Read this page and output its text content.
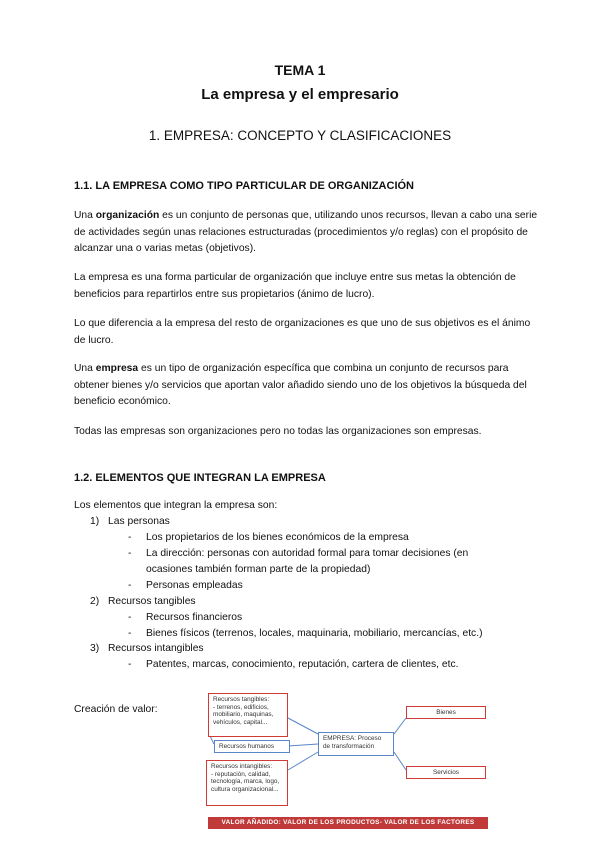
TEMA 1
La empresa y el empresario
1. EMPRESA: CONCEPTO Y CLASIFICACIONES
1.1. LA EMPRESA COMO TIPO PARTICULAR DE ORGANIZACIÓN

Una organización es un conjunto de personas que, utilizando unos recursos, llevan a cabo una serie de actividades según unas relaciones estructuradas (procedimientos y/o reglas) con el propósito de alcanzar una o varias metas (objetivos).

La empresa es una forma particular de organización que incluye entre sus metas la obtención de beneficios para repartirlos entre sus propietarios (ánimo de lucro).

Lo que diferencia a la empresa del resto de organizaciones es que uno de sus objetivos es el ánimo de lucro.

Una empresa es un tipo de organización específica que combina un conjunto de recursos para obtener bienes y/o servicios que aportan valor añadido siendo uno de los objetivos la búsqueda del beneficio económico.

Todas las empresas son organizaciones pero no todas las organizaciones son empresas.

1.2. ELEMENTOS QUE INTEGRAN LA EMPRESA
Los elementos que integran la empresa son:
1) Las personas
- Los propietarios de los bienes económicos de la empresa
- La dirección: personas con autoridad formal para tomar decisiones (en
ocasiones también forman parte de la propiedad)
- Personas empleadas
2) Recursos tangibles
- Recursos financieros
- Bienes físicos (terrenos, locales, maquinaria, mobiliario, mercancías, etc.)
3) Recursos intangibles
- Patentes, marcas, conocimiento, reputación, cartera de clientes, etc.
Creación de valor:
Recursos tangibles:
- terrenos, edificios, mobiliario, maquinas, vehículos, capital...
Recursos humanos
Recursos intangibles:
- reputación, calidad, tecnología, marca, logo, cultura organizacional...
EMPRESA: Proceso de transformación
Bienes
Servicios
VALOR AÑADIDO: VALOR DE LOS PRODUCTOS- VALOR DE LOS FACTORES
